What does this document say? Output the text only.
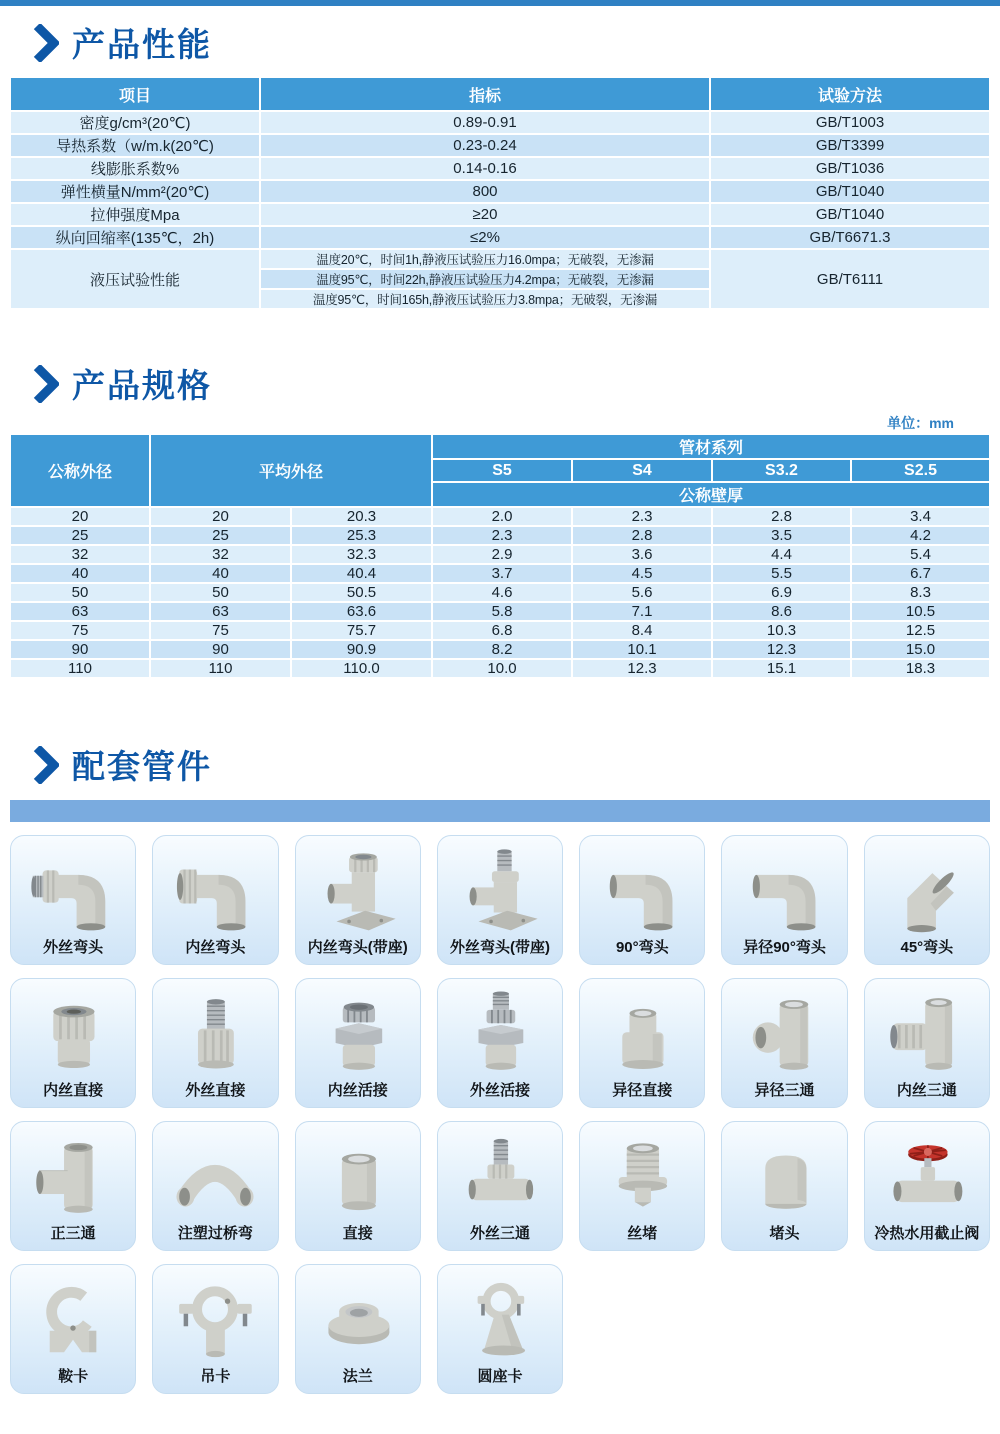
产品性能
项目	指标	试验方法
密度g/cm³(20℃)	0.89-0.91	GB/T1003
导热系数（w/m.k(20℃)	0.23-0.24	GB/T3399
线膨胀系数%	0.14-0.16	GB/T1036
弹性横量N/mm²(20℃)	800	GB/T1040
拉伸强度Mpa	≥20	GB/T1040
纵向回缩率(135℃，2h)	≤2%	GB/T6671.3
液压试验性能	温度20℃，时间1h,静液压试验压力16.0mpa；无破裂，无渗漏	GB/T6111
	温度95℃，时间22h,静液压试验压力4.2mpa；无破裂，无渗漏	
	温度95℃，时间165h,静液压试验压力3.8mpa；无破裂，无渗漏	
产品规格
单位：mm
公称外径	平均外径		管材系列			
			S5	S4	S3.2	S2.5
			公称壁厚			
20	20	20.3	2.0	2.3	2.8	3.4
25	25	25.3	2.3	2.8	3.5	4.2
32	32	32.3	2.9	3.6	4.4	5.4
40	40	40.4	3.7	4.5	5.5	6.7
50	50	50.5	4.6	5.6	6.9	8.3
63	63	63.6	5.8	7.1	8.6	10.5
75	75	75.7	6.8	8.4	10.3	12.5
90	90	90.9	8.2	10.1	12.3	15.0
110	110	110.0	10.0	12.3	15.1	18.3
配套管件
外丝弯头	内丝弯头	内丝弯头(带座)	外丝弯头(带座)	90°弯头	异径90°弯头	45°弯头
内丝直接	外丝直接	内丝活接	外丝活接	异径直接	异径三通	内丝三通
正三通	注塑过桥弯	直接	外丝三通	丝堵	堵头	冷热水用截止阀
鞍卡	吊卡	法兰	圆座卡
